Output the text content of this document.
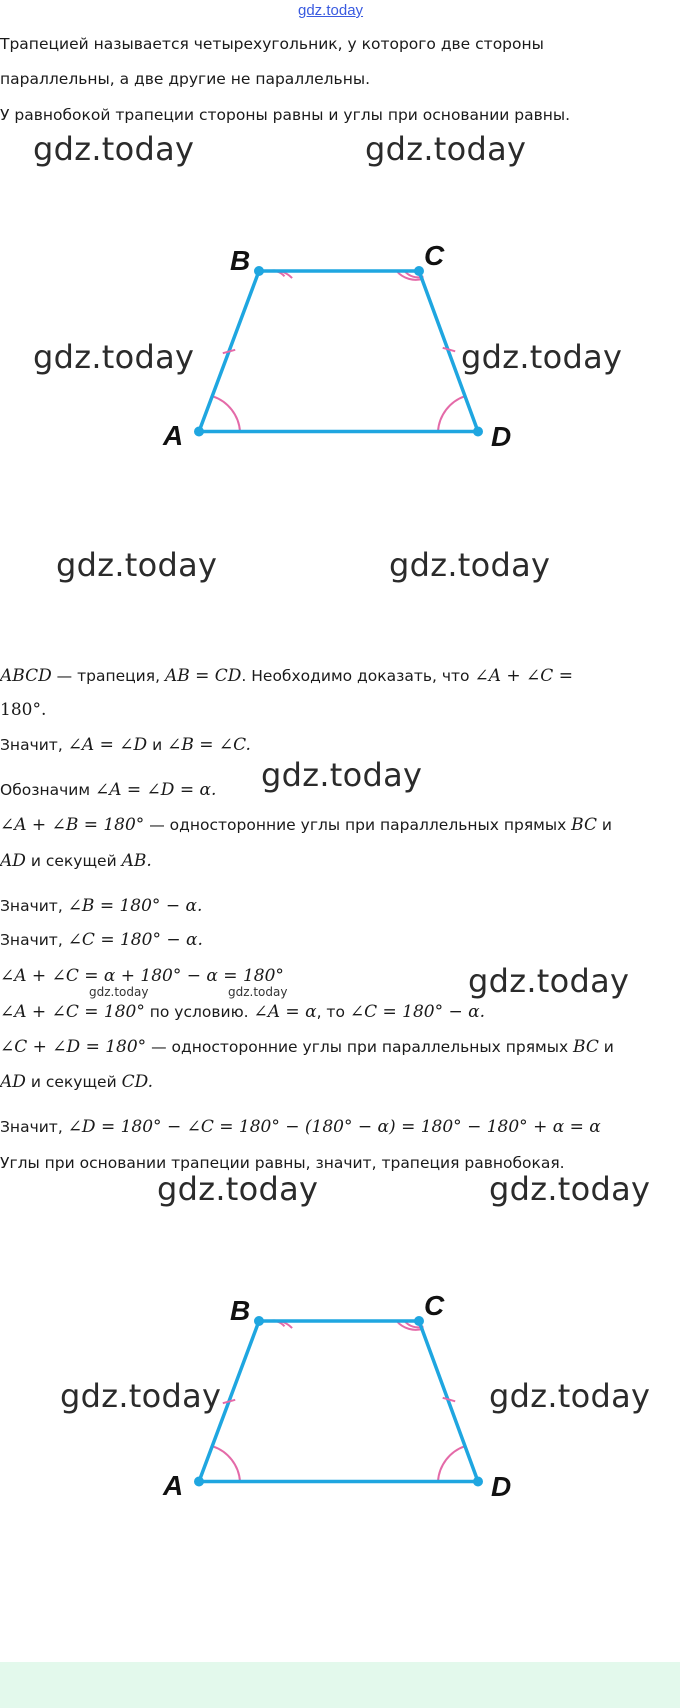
gdz.today
Трапецией называется четырехугольник, у которого две стороны
параллельны, а две другие не параллельны.
У равнобокой трапеции стороны равны и углы при основании равны.
gdz.today	gdz.today
gdz.today	gdz.today
gdz.today	gdz.today
A
B	C
D
ABCD — трапеция, AB = CD. Необходимо доказать, что ∠A + ∠C =
180°.
Значит, ∠A = ∠D и ∠B = ∠C.
Обозначим ∠A = ∠D = α. gdz.today
∠A + ∠B = 180° — односторонние углы при параллельных прямых BC и
AD и секущей AB.
Значит, ∠B = 180° − α.
Значит, ∠C = 180° − α.
∠A + ∠C = α + 180° − α = 180°
gdz.today	gdz.today	gdz.today
∠A + ∠C = 180° по условию. ∠A = α, то ∠C = 180° − α.
∠C + ∠D = 180° — односторонние углы при параллельных прямых BC и
AD и секущей CD.
Значит, ∠D = 180° − ∠C = 180° − (180° − α) = 180° − 180° + α = α
Углы при основании трапеции равны, значит, трапеция равнобокая.
gdz.today	gdz.today
A
B	C
D
gdz.today	gdz.today
